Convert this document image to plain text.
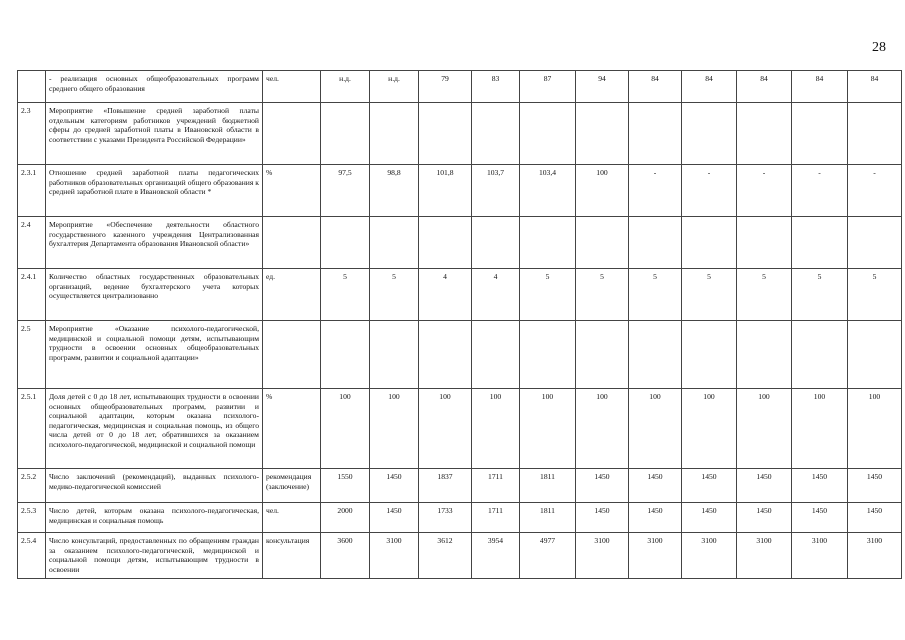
28
	- реализация основных общеобразовательных программ среднего общего образования	чел.	н.д.	н.д.	79	83	87	94	84	84	84	84	84
2.3	Мероприятие «Повышение средней заработной платы отдельным категориям работников учреждений бюджетной сферы до средней заработной платы в Ивановской области в соответствии с указами Президента Российской Федерации»												
2.3.1	Отношение средней заработной платы педагогических работников образовательных организаций общего образования к средней заработной плате в Ивановской области *	%	97,5	98,8	101,8	103,7	103,4	100	-	-	-	-	-
2.4	Мероприятие «Обеспечение деятельности областного государственного казенного учреждения Централизованная бухгалтерия Департамента образования Ивановской области»												
2.4.1	Количество областных государственных образовательных организаций, ведение бухгалтерского учета которых осуществляется централизованно	ед.	5	5	4	4	5	5	5	5	5	5	5
2.5	Мероприятие «Оказание психолого-педагогической, медицинской и социальной помощи детям, испытывающим трудности в освоении основных общеобразовательных программ, развитии и социальной адаптации»												
2.5.1	Доля детей с 0 до 18 лет, испытывающих трудности в освоении основных общеобразовательных программ, развитии и социальной адаптации, которым оказана психолого-педагогическая, медицинская и социальная помощь, из общего числа детей от 0 до 18 лет, обратившихся за оказанием психолого-педагогической, медицинской и социальной помощи	%	100	100	100	100	100	100	100	100	100	100	100
2.5.2	Число заключений (рекомендаций), выданных психолого-медико-педагогической комиссией	рекомендация (заключение)	1550	1450	1837	1711	1811	1450	1450	1450	1450	1450	1450
2.5.3	Число детей, которым оказана психолого-педагогическая, медицинская и социальная помощь	чел.	2000	1450	1733	1711	1811	1450	1450	1450	1450	1450	1450
2.5.4	Число консультаций, предоставленных по обращениям граждан за оказанием психолого-педагогической, медицинской и социальной помощи детям, испытывающим трудности в освоении	консультация	3600	3100	3612	3954	4977	3100	3100	3100	3100	3100	3100
